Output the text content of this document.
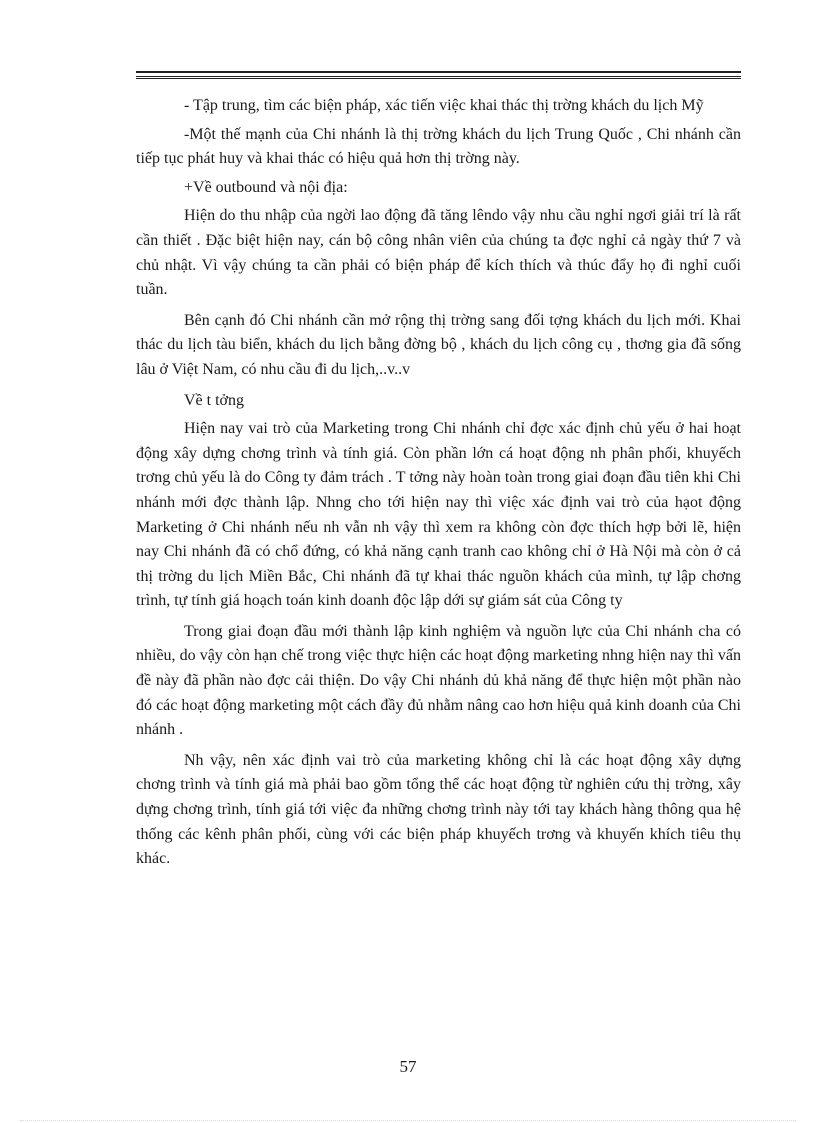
- Tập trung, tìm các biện pháp, xác tiến việc khai thác thị trờng khách du lịch Mỹ

-Một thế mạnh của Chi nhánh là thị trờng khách du lịch Trung Quốc , Chi nhánh cần tiếp tục phát huy và khai thác có hiệu quả hơn thị trờng này.

+Về outbound và nội địa:

Hiện do thu nhập của ngời lao động đã tăng lêndo vậy nhu cầu nghỉ ngơi giải trí là rất cần thiết . Đặc biệt hiện nay, cán bộ công nhân viên của chúng ta đợc nghỉ cả ngày thứ 7 và chủ nhật. Vì vậy chúng ta cần phải có biện pháp để kích thích và thúc đẩy họ đi nghỉ cuối tuần.

Bên cạnh đó Chi nhánh cần mở rộng thị trờng sang đối tợng khách du lịch mới. Khai thác du lịch tàu biển, khách du lịch bằng đờng bộ , khách du lịch công cụ , thơng gia đã sống lâu ở Việt Nam, có nhu cầu đi du lịch,..v..v

Về t tởng

Hiện nay vai trò của Marketing trong Chi nhánh chỉ đợc xác định chủ yếu ở hai hoạt động xây dựng chơng trình và tính giá. Còn phần lớn cá hoạt động nh phân phối, khuyếch trơng chủ yếu là do Công ty đảm trách . T tởng này hoàn toàn trong giai đoạn đầu tiên khi Chi nhánh mới đợc thành lập. Nhng cho tới hiện nay thì việc xác định vai trò của hạot động Marketing ở Chi nhánh nếu nh vẫn nh vậy thì xem ra không còn đợc thích hợp bởi lẽ, hiện nay Chi nhánh đã có chổ đứng, có khả năng cạnh tranh cao không chỉ ở Hà Nội mà còn ở cả thị trờng du lịch Miền Bắc, Chi nhánh đã tự khai thác nguồn khách của mình, tự lập chơng trình, tự tính giá hoạch toán kinh doanh độc lập dới sự giám sát của Công ty

Trong giai đoạn đầu mới thành lập kinh nghiệm và nguồn lực của Chi nhánh cha có nhiều, do vậy còn hạn chế trong việc thực hiện các hoạt động marketing nhng hiện nay thì vấn đề này đã phần nào đợc cải thiện. Do vậy Chi nhánh dủ khả năng để thực hiện một phần nào đó các hoạt động marketing một cách đầy đủ nhằm nâng cao hơn hiệu quả kinh doanh của Chi nhánh .

Nh vậy, nên xác định vai trò của marketing không chỉ là các hoạt động xây dựng chơng trình và tính giá mà phải bao gồm tổng thể các hoạt động từ nghiên cứu thị trờng, xây dựng chơng trình, tính giá tới việc đa những chơng trình này tới tay khách hàng thông qua hệ thống các kênh phân phối, cùng với các biện pháp khuyếch trơng và khuyến khích tiêu thụ khác.

57
